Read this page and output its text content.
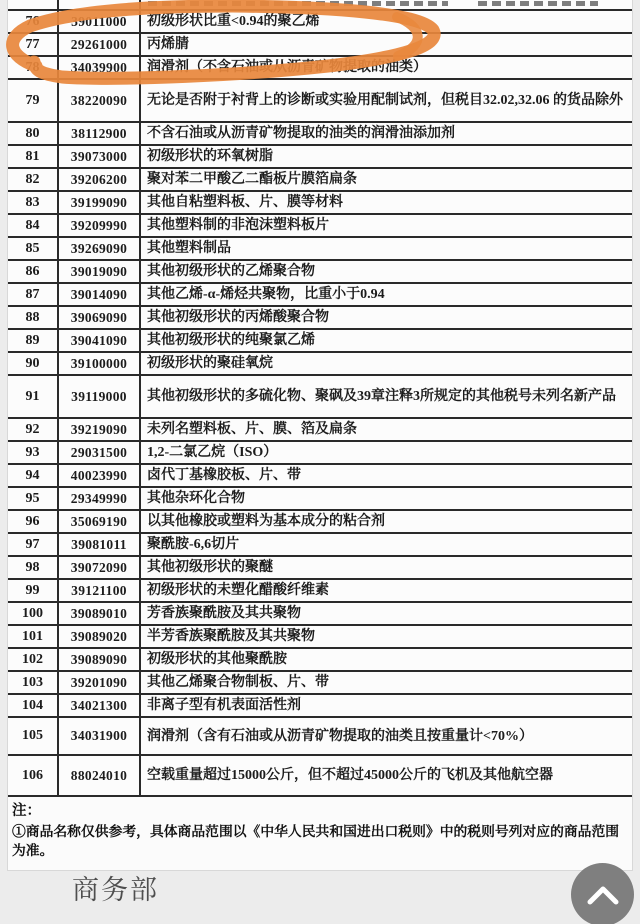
76 39011000 初级形状比重<0.94的聚乙烯
77 29261000 丙烯腈
78 34039900 润滑剂（不含石油或从沥青矿物提取的油类）
79 38220090 无论是否附于衬背上的诊断或实验用配制试剂，但税目32.02,32.06 的货品除外
80 38112900 不含石油或从沥青矿物提取的油类的润滑油添加剂
81 39073000 初级形状的环氧树脂
82 39206200 聚对苯二甲酸乙二酯板片膜箔扁条
83 39199090 其他自粘塑料板、片、膜等材料
84 39209990 其他塑料制的非泡沫塑料板片
85 39269090 其他塑料制品
86 39019090 其他初级形状的乙烯聚合物
87 39014090 其他乙烯-α-烯烃共聚物，比重小于0.94
88 39069090 其他初级形状的丙烯酸聚合物
89 39041090 其他初级形状的纯聚氯乙烯
90 39100000 初级形状的聚硅氧烷
91 39119000 其他初级形状的多硫化物、聚砜及39章注释3所规定的其他税号未列名新产品
92 39219090 未列名塑料板、片、膜、箔及扁条
93 29031500 1,2-二氯乙烷（ISO）
94 40023990 卤代丁基橡胶板、片、带
95 29349990 其他杂环化合物
96 35069190 以其他橡胶或塑料为基本成分的粘合剂
97 39081011 聚酰胺-6,6切片
98 39072090 其他初级形状的聚醚
99 39121100 初级形状的未塑化醋酸纤维素
100 39089010 芳香族聚酰胺及其共聚物
101 39089020 半芳香族聚酰胺及其共聚物
102 39089090 初级形状的其他聚酰胺
103 39201090 其他乙烯聚合物制板、片、带
104 34021300 非离子型有机表面活性剂
105 34031900 润滑剂（含有石油或从沥青矿物提取的油类且按重量计<70%）
106 88024010 空载重量超过15000公斤，但不超过45000公斤的飞机及其他航空器
注：
①商品名称仅供参考，具体商品范围以《中华人民共和国进出口税则》中的税则号列对应的商品范围为准。
商务部
